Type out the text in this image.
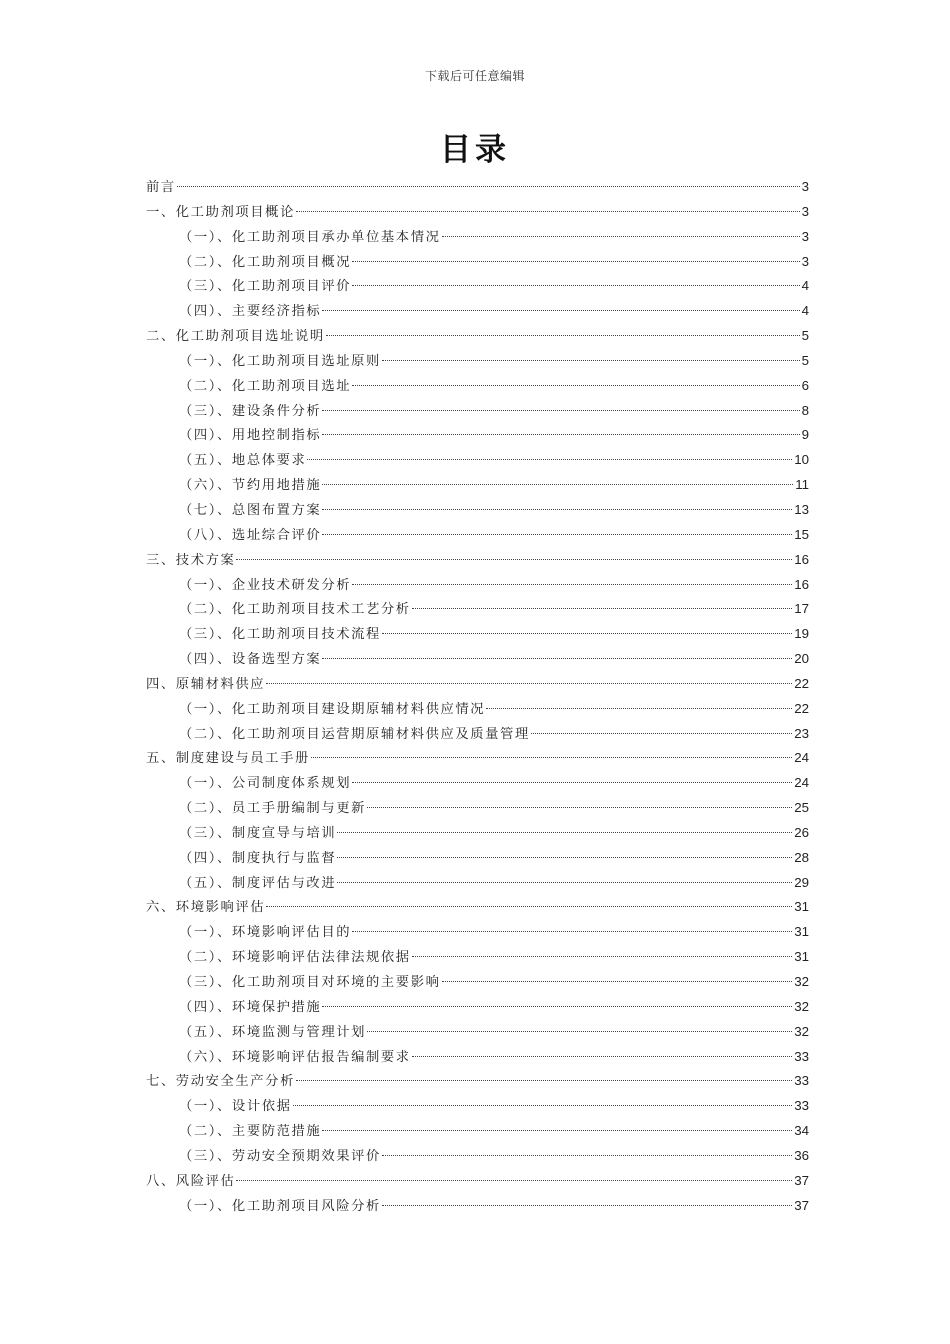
下载后可任意编辑
目录
前言	3
一、化工助剂项目概论	3
（一）、化工助剂项目承办单位基本情况	3
（二）、化工助剂项目概况	3
（三）、化工助剂项目评价	4
（四）、主要经济指标	4
二、化工助剂项目选址说明	5
（一）、化工助剂项目选址原则	5
（二）、化工助剂项目选址	6
（三）、建设条件分析	8
（四）、用地控制指标	9
（五）、地总体要求	10
（六）、节约用地措施	11
（七）、总图布置方案	13
（八）、选址综合评价	15
三、技术方案	16
（一）、企业技术研发分析	16
（二）、化工助剂项目技术工艺分析	17
（三）、化工助剂项目技术流程	19
（四）、设备选型方案	20
四、原辅材料供应	22
（一）、化工助剂项目建设期原辅材料供应情况	22
（二）、化工助剂项目运营期原辅材料供应及质量管理	23
五、制度建设与员工手册	24
（一）、公司制度体系规划	24
（二）、员工手册编制与更新	25
（三）、制度宣导与培训	26
（四）、制度执行与监督	28
（五）、制度评估与改进	29
六、环境影响评估	31
（一）、环境影响评估目的	31
（二）、环境影响评估法律法规依据	31
（三）、化工助剂项目对环境的主要影响	32
（四）、环境保护措施	32
（五）、环境监测与管理计划	32
（六）、环境影响评估报告编制要求	33
七、劳动安全生产分析	33
（一）、设计依据	33
（二）、主要防范措施	34
（三）、劳动安全预期效果评价	36
八、风险评估	37
（一）、化工助剂项目风险分析	37
